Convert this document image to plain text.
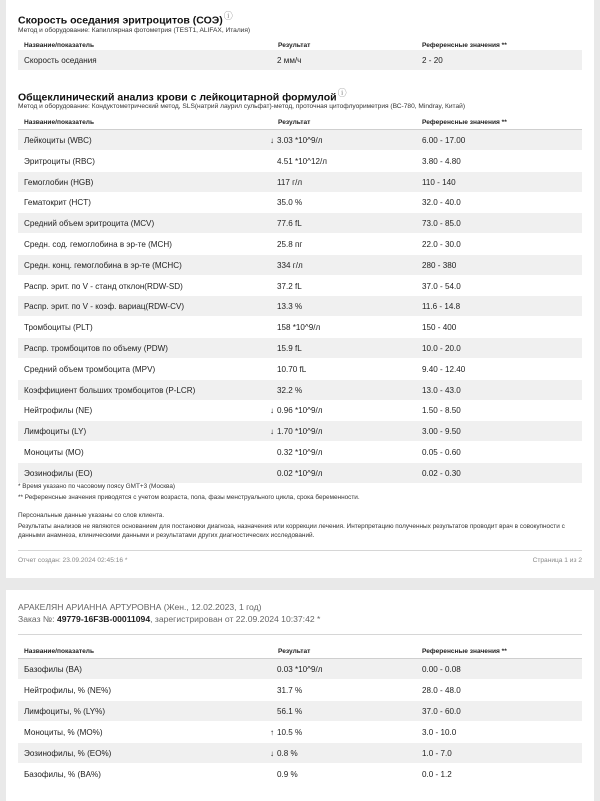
Скорость оседания эритроцитов (СОЭ)ⓘ
Метод и оборудование: Капиллярная фотометрия (TEST1, ALIFAX, Италия)
Название/показатель	Результат	Референсные значения **
Скорость оседания	2 мм/ч	2 - 20
Общеклинический анализ крови с лейкоцитарной формулойⓘ
Метод и оборудование: Кондуктометрический метод, SLS(натрий лаурил сульфат)-метод, проточная цитофлуориметрия (ВС-780, Mindray, Китай)
Название/показатель	Результат	Референсные значения **
Лейкоциты (WBC)	↓ 3.03 *10^9/л	6.00 - 17.00
Эритроциты (RBC)	4.51 *10^12/л	3.80 - 4.80
Гемоглобин (HGB)	117 г/л	110 - 140
Гематокрит (HCT)	35.0 %	32.0 - 40.0
Средний объем эритроцита (MCV)	77.6 fL	73.0 - 85.0
Средн. сод. гемоглобина в эр-те (MCH)	25.8 пг	22.0 - 30.0
Средн. конц. гемоглобина в эр-те (MCHC)	334 г/л	280 - 380
Распр. эрит. по V - станд отклон(RDW-SD)	37.2 fL	37.0 - 54.0
Распр. эрит. по V - коэф. вариац(RDW-CV)	13.3 %	11.6 - 14.8
Тромбоциты (PLT)	158 *10^9/л	150 - 400
Распр. тромбоцитов по объему (PDW)	15.9 fL	10.0 - 20.0
Средний объем тромбоцита (MPV)	10.70 fL	9.40 - 12.40
Коэффициент больших тромбоцитов (P-LCR)	32.2 %	13.0 - 43.0
Нейтрофилы (NE)	↓ 0.96 *10^9/л	1.50 - 8.50
Лимфоциты (LY)	↓ 1.70 *10^9/л	3.00 - 9.50
Моноциты (MO)	0.32 *10^9/л	0.05 - 0.60
Эозинофилы (EO)	0.02 *10^9/л	0.02 - 0.30
* Время указано по часовому поясу GMT+3 (Москва)
** Референсные значения приводятся с учетом возраста, пола, фазы менструального цикла, срока беременности.
Персональные данные указаны со слов клиента.
Результаты анализов не являются основанием для постановки диагноза, назначения или коррекции лечения. Интерпретацию полученных результатов проводит врач в совокупности с данными анамнеза, клиническими данными и результатами других диагностических исследований.
Отчет создан: 23.09.2024 02:45:16 *	Страница 1 из 2
АРАКЕЛЯН АРИАННА АРТУРОВНА (Жен., 12.02.2023, 1 год)
Заказ №: 49779-16F3B-00011094, зарегистрирован от 22.09.2024 10:37:42 *
Название/показатель	Результат	Референсные значения **
Базофилы (BA)	0.03 *10^9/л	0.00 - 0.08
Нейтрофилы, % (NE%)	31.7 %	28.0 - 48.0
Лимфоциты, % (LY%)	56.1 %	37.0 - 60.0
Моноциты, % (MO%)	↑ 10.5 %	3.0 - 10.0
Эозинофилы, % (EO%)	↓ 0.8 %	1.0 - 7.0
Базофилы, % (BA%)	0.9 %	0.0 - 1.2
